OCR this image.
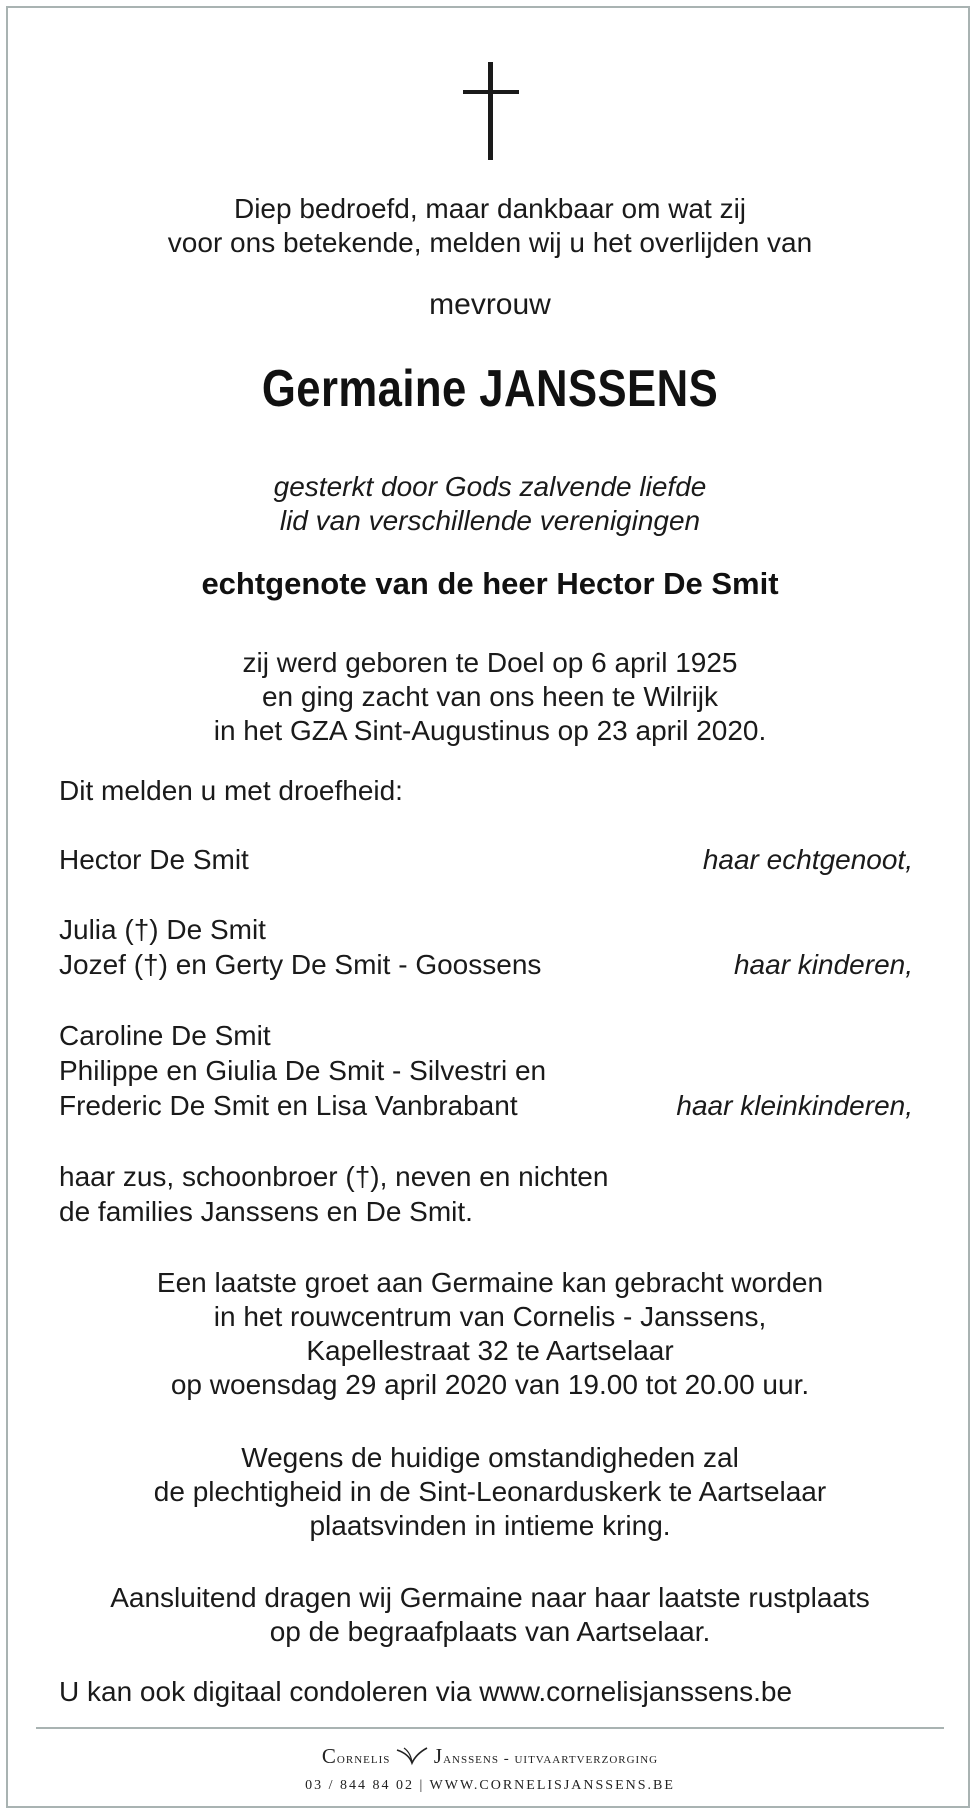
Diep bedroefd, maar dankbaar om wat zij
voor ons betekende, melden wij u het overlijden van
mevrouw
Germaine JANSSENS
gesterkt door Gods zalvende liefde
lid van verschillende verenigingen
echtgenote van de heer Hector De Smit
zij werd geboren te Doel op 6 april 1925
en ging zacht van ons heen te Wilrijk
in het GZA Sint-Augustinus op 23 april 2020.
Dit melden u met droefheid:
Hector De Smit	haar echtgenoot,
Julia (†) De Smit
Jozef (†) en Gerty De Smit - Goossens	haar kinderen,
Caroline De Smit
Philippe en Giulia De Smit - Silvestri en
Frederic De Smit en Lisa Vanbrabant	haar kleinkinderen,
haar zus, schoonbroer (†), neven en nichten
de families Janssens en De Smit.
Een laatste groet aan Germaine kan gebracht worden
in het rouwcentrum van Cornelis - Janssens,
Kapellestraat 32 te Aartselaar
op woensdag 29 april 2020 van 19.00 tot 20.00 uur.
Wegens de huidige omstandigheden zal
de plechtigheid in de Sint-Leonarduskerk te Aartselaar
plaatsvinden in intieme kring.
Aansluitend dragen wij Germaine naar haar laatste rustplaats
op de begraafplaats van Aartselaar.
U kan ook digitaal condoleren via www.cornelisjanssens.be
Cornelis Janssens - uitvaartverzorging
03 / 844 84 02 | WWW.CORNELISJANSSENS.BE
